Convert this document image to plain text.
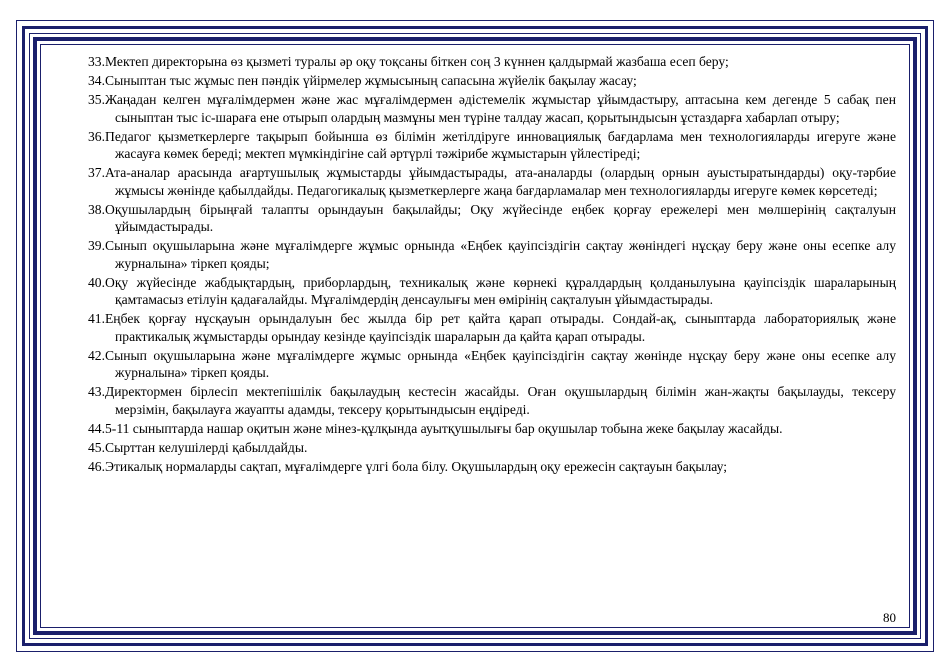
33.Мектеп директорына өз қызметі туралы әр оқу тоқсаны біткен соң 3 күннен қалдырмай жазбаша есеп беру;

34.Сыныптан тыс жұмыс пен пәндік үйірмелер жұмысының сапасына жүйелік бақылау жасау;

35.Жаңадан келген мұғалімдермен және жас мұғалімдермен әдістемелік жұмыстар ұйымдастыру, аптасына кем дегенде 5 сабақ пен сыныптан тыс іс-шараға ене отырып олардың мазмұны мен түріне талдау жасап, қорытындысын ұстаздарға хабарлап отыру;

36.Педагог қызметкерлерге тақырып бойынша өз білімін жетілдіруге инновациялық бағдарлама мен технологияларды игеруге және жасауға көмек береді; мектеп мүмкіндігіне сай әртүрлі тәжірибе жұмыстарын үйлестіреді;

37.Ата-аналар арасында ағартушылық жұмыстарды ұйымдастырады, ата-аналарды (олардың орнын ауыстыратындарды) оқу-тәрбие жұмысы жөнінде қабылдайды. Педагогикалық қызметкерлерге жаңа бағдарламалар мен технологияларды игеруге көмек көрсетеді;

38.Оқушылардың бірыңғай талапты орындауын бақылайды; Оқу жүйесінде еңбек қорғау ережелері мен мөлшерінің сақталуын ұйымдастырады.

39.Сынып оқушыларына және мұғалімдерге жұмыс орнында «Еңбек қауіпсіздігін сақтау жөніндегі нұсқау беру және оны есепке алу журналына» тіркеп қояды;

40.Оқу жүйесінде жабдықтардың, приборлардың, техникалық және көрнекі құралдардың қолданылуына қауіпсіздік шараларының қамтамасыз етілуін қадағалайды. Мұғалімдердің денсаулығы мен өмірінің сақталуын ұйымдастырады.

41.Еңбек қорғау нұсқауын орындалуын бес жылда бір рет қайта қарап отырады. Сондай-ақ, сыныптарда лабораториялық және практикалық жұмыстарды орындау кезінде қауіпсіздік шараларын да қайта қарап отырады.

42.Сынып оқушыларына және мұғалімдерге жұмыс орнында «Еңбек қауіпсіздігін сақтау жөнінде нұсқау беру және оны есепке алу журналына» тіркеп қояды.

43.Директормен бірлесіп мектепішілік бақылаудың кестесін жасайды. Оған оқушылардың білімін жан-жақты бақылауды, тексеру мерзімін, бақылауға жауапты адамды, тексеру қорытындысын еңдіреді.

44.5-11 сыныптарда нашар оқитын және мінез-құлқында ауытқушылығы бар оқушылар тобына жеке бақылау жасайды.

45.Сырттан келушілерді қабылдайды.

46.Этикалық нормаларды сақтап, мұғалімдерге үлгі бола білу. Оқушылардың оқу ережесін сақтауын бақылау;

80
